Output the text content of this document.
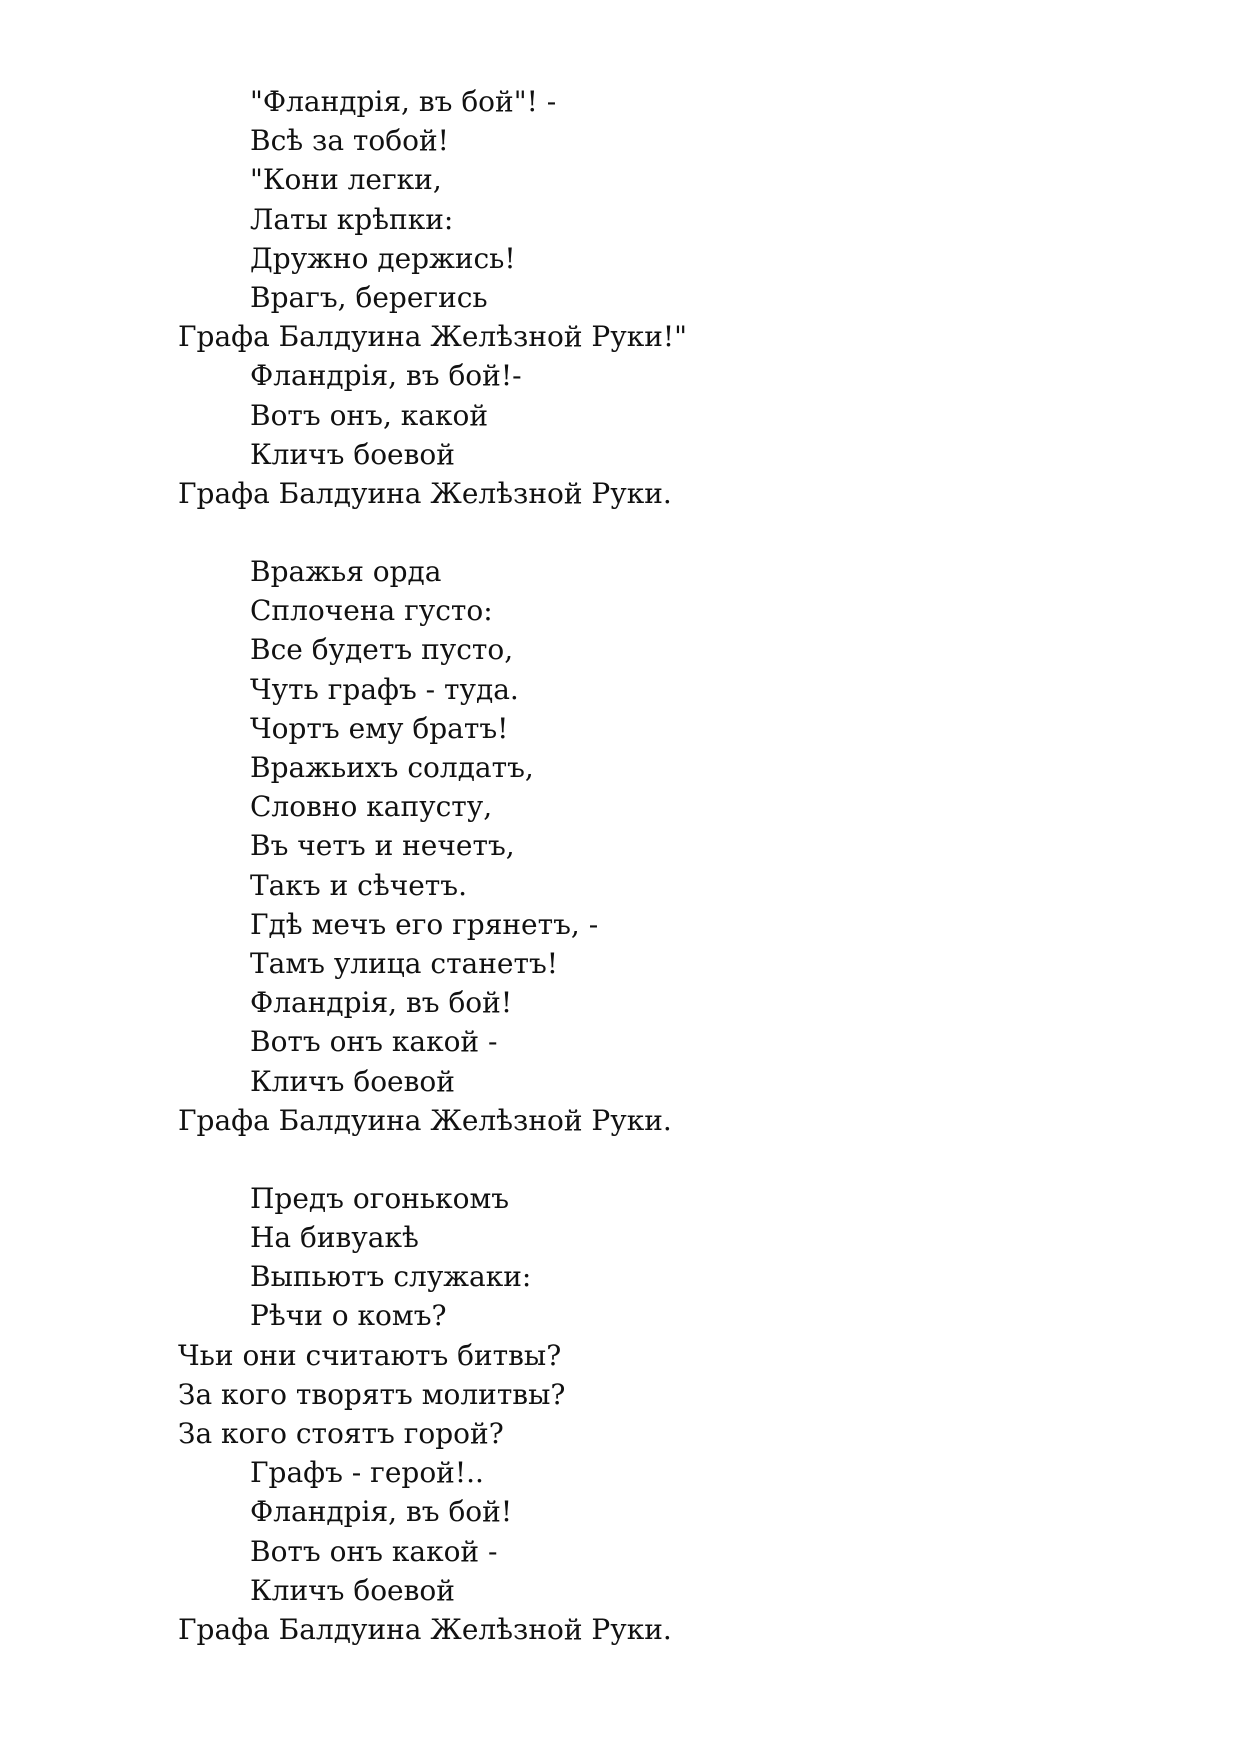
"Фландрія, въ бой"! -
Всѣ за тобой!
"Кони легки,
Латы крѣпки:
Дружно держись!
Врагъ, берегись
Графа Балдуина Желѣзной Руки!"
Фландрія, въ бой!-
Вотъ онъ, какой
Кличъ боевой
Графа Балдуина Желѣзной Руки.
Вражья орда
Сплочена густо:
Все будетъ пусто,
Чуть графъ - туда.
Чортъ ему братъ!
Вражьихъ солдатъ,
Словно капусту,
Въ четъ и нечетъ,
Такъ и сѣчетъ.
Гдѣ мечъ его грянетъ, -
Тамъ улица станетъ!
Фландрія, въ бой!
Вотъ онъ какой -
Кличъ боевой
Графа Балдуина Желѣзной Руки.
Предъ огонькомъ
На бивуакѣ
Выпьютъ служаки:
Рѣчи о комъ?
Чьи они считаютъ битвы?
За кого творятъ молитвы?
За кого стоятъ горой?
Графъ - герой!..
Фландрія, въ бой!
Вотъ онъ какой -
Кличъ боевой
Графа Балдуина Желѣзной Руки.
